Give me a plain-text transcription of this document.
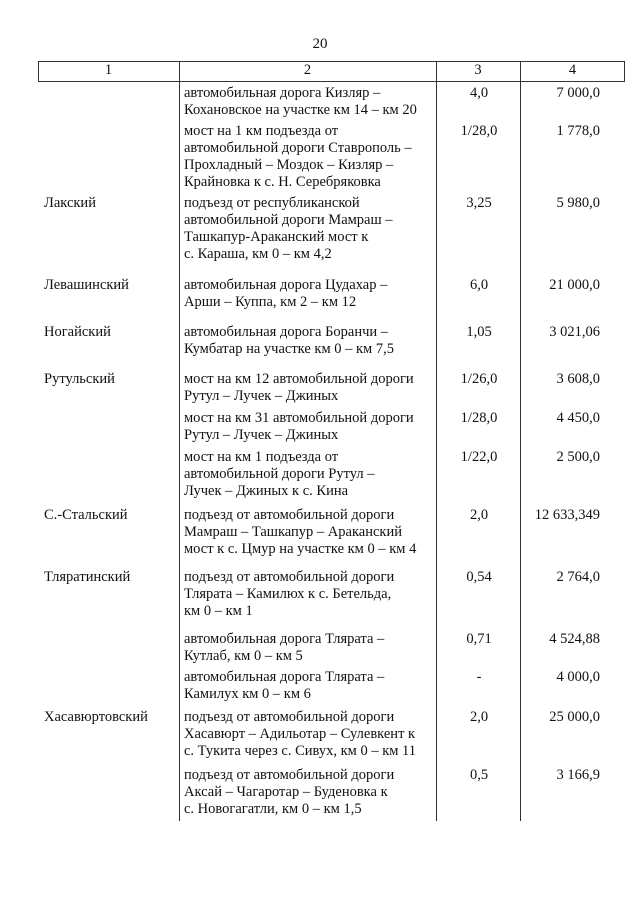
20
1	2	3	4
автомобильная дорога Кизляр –
Кохановское на участке км 14 – км 20
4,0	7 000,0
мост на 1 км подъезда от
автомобильной дороги Ставрополь –
Прохладный – Моздок – Кизляр –
Крайновка к с. Н. Серебряковка
1/28,0	1 778,0
Лакский	подъезд от республиканской
автомобильной дороги Мамраш –
Ташкапур-Араканский мост к
с. Караша, км 0 – км 4,2
3,25	5 980,0
Левашинский	автомобильная дорога Цудахар –
Арши – Куппа, км 2 – км 12
6,0	21 000,0
Ногайский	автомобильная дорога Боранчи –
Кумбатар на участке км 0 – км 7,5
1,05	3 021,06
Рутульский	мост на км 12 автомобильной дороги
Рутул – Лучек – Джиных
1/26,0	3 608,0
мост на км 31 автомобильной дороги
Рутул – Лучек – Джиных
1/28,0	4 450,0
мост на км 1 подъезда от
автомобильной дороги Рутул –
Лучек – Джиных к с. Кина
1/22,0	2 500,0
С.-Стальский	подъезд от автомобильной дороги
Мамраш – Ташкапур – Араканский
мост к с. Цмур на участке км 0 – км 4
2,0	12 633,349
Тляратинский	подъезд от автомобильной дороги
Тлярата – Камилюх к с. Бетельда,
км 0 – км 1
0,54	2 764,0
автомобильная дорога Тлярата –
Кутлаб, км 0 – км 5
0,71	4 524,88
автомобильная дорога Тлярата –
Камилух км 0 – км 6
-	4 000,0
Хасавюртовский	подъезд от автомобильной дороги
Хасавюрт – Адильотар – Сулевкент к
с. Тукита через с. Сивух, км 0 – км 11
2,0	25 000,0
подъезд от автомобильной дороги
Аксай – Чагаротар – Буденовка к
с. Новогагатли, км 0 – км 1,5
0,5	3 166,9
